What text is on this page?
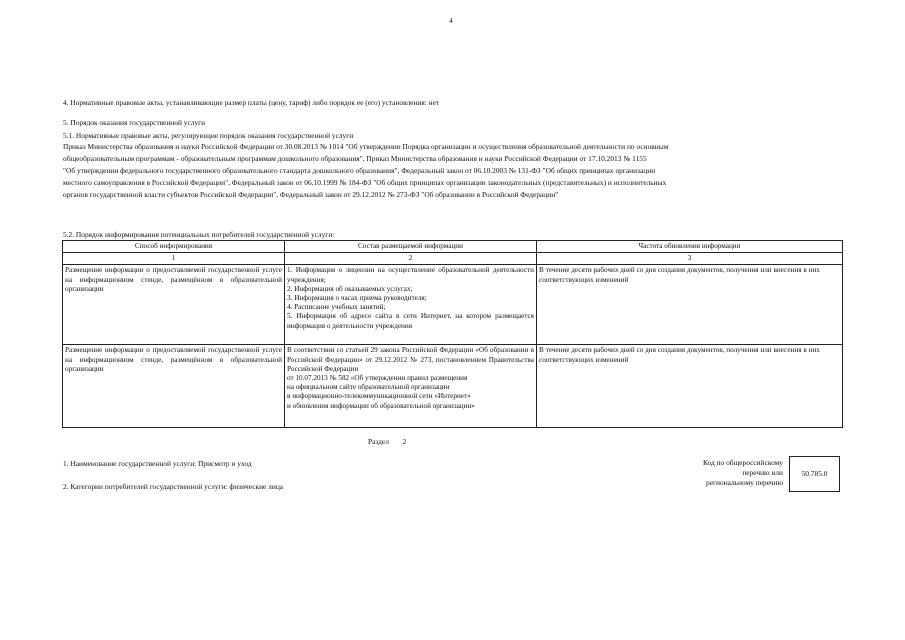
4
4. Нормативные правовые акты, устанавливающие размер платы (цену, тариф) либо порядок ее (его) установления: нет
5. Порядок оказания государственной услуги
5.1. Нормативные правовые акты, регулирующие порядок оказания государственной услуги
Приказ Министерства образования и науки Российской Федерации от 30.08.2013 № 1014 "Об утверждении Порядка организации и осуществления образовательной деятельности по основным
общеобразовательным программам - образовательным программам дошкольного образования", Приказ Министерства образования и науки Российской Федерации от 17.10.2013 № 1155
"Об утверждении федерального государственного образовательного стандарта дошкольного образования", Федеральный закон от 06.10.2003 № 131-ФЗ "Об общих принципах организации
местного самоуправления в Российской Федерации", Федеральный закон от 06.10.1999 № 184-ФЗ "Об общих принципах организации законодательных (представительных) и исполнительных
органов государственной власти субъектов Российской Федерации", Федеральный закон от 29.12.2012 № 273-ФЗ "Об образовании в Российской Федерации"
5.2. Порядок информирования потенциальных потребителей государственной услуги:
Способ информирования	Состав размещаемой информации	Частота обновления информации
1	2	3
Размещение информации о предоставляемой государственной услуге на информационном стенде, размещённом в образовательной организации	1. Информация о лицензии на осуществление образовательной деятельности учреждения;
2. Информация об оказываемых услугах;
3. Информация о часах приема руководителя;
4. Расписание учебных занятий;
5. Информация об адресе сайта в сети Интернет, на котором размещается информация о деятельности учреждения	В течение десяти рабочих дней со дня создания документов, получения или внесения в них соответствующих изменений
Размещение информации о предоставляемой государственной услуге на информационном стенде, размещённом в образовательной организации	В соответствии со статьей 29 закона Российской Федерации «Об образовании в Российской Федерации» от 29.12.2012 № 273, постановлением Правительства Российской Федерации
от 10.07.2013 № 582 «Об утверждении правил размещения
на официальном сайте образовательной организации
в информационно-телекоммуникационной сети «Интернет»
и обновления информации об образовательной организации»	В течение десяти рабочих дней со дня создания документов, получения или внесения в них соответствующих изменений
Раздел 2
1. Наименование государственной услуги: Присмотр и уход
2. Категории потребителей государственной услуги: физические лица
Код по общероссийскому
перечню или
региональному перечню
50.785.0
